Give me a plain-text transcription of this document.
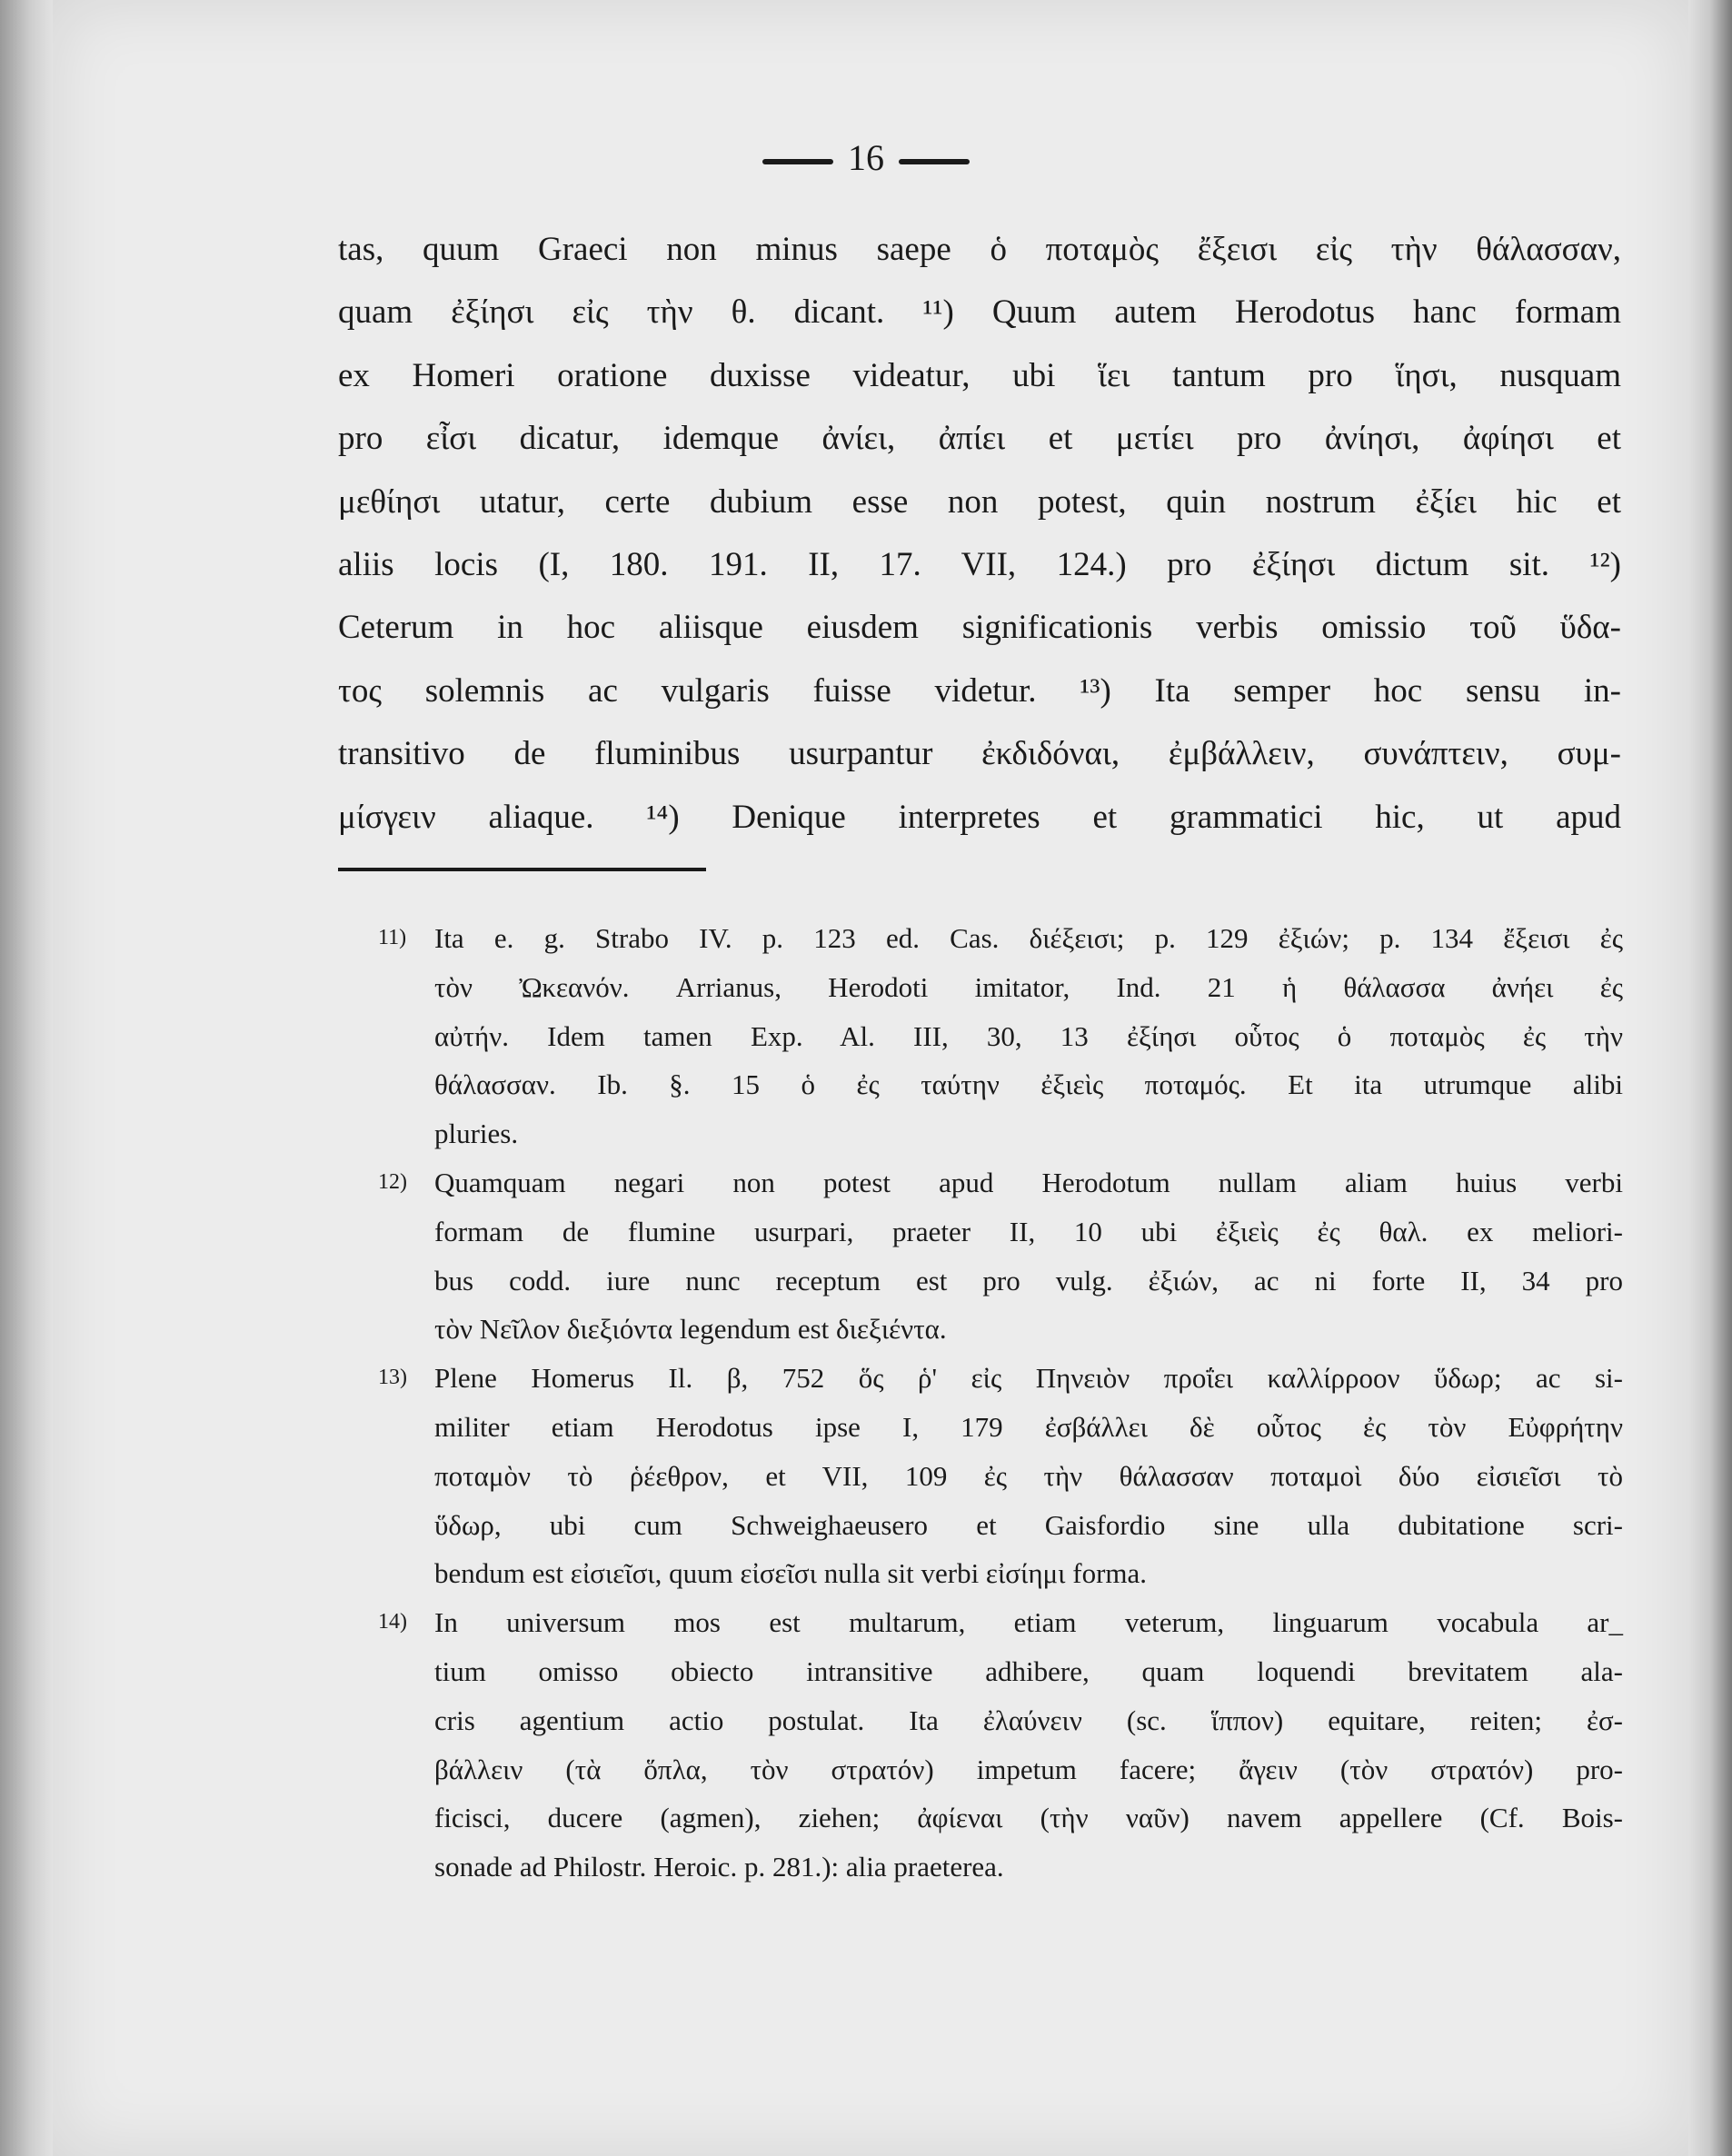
16
tas, quum Graeci non minus saepe ὁ ποταμὸς ἔξεισι εἰς τὴν θάλασσαν,
quam ἐξίησι εἰς τὴν θ. dicant. ¹¹) Quum autem Herodotus hanc formam
ex Homeri oratione duxisse videatur, ubi ἵει tantum pro ἵησι, nusquam
pro εἶσι dicatur, idemque ἀνίει, ἀπίει et μετίει pro ἀνίησι, ἀφίησι et
μεθίησι utatur, certe dubium esse non potest, quin nostrum ἐξίει hic et
aliis locis (I, 180. 191. II, 17. VII, 124.) pro ἐξίησι dictum sit. ¹²)
Ceterum in hoc aliisque eiusdem significationis verbis omissio τοῦ ὕδα-
τος solemnis ac vulgaris fuisse videtur. ¹³) Ita semper hoc sensu in-
transitivo de fluminibus usurpantur ἐκδιδόναι, ἐμβάλλειν, συνάπτειν, συμ-
μίσγειν aliaque. ¹⁴) Denique interpretes et grammatici hic, ut apud
11) Ita e. g. Strabo IV. p. 123 ed. Cas. διέξεισι; p. 129 ἐξιών; p. 134 ἔξεισι ἐς
τὸν Ὠκεανόν. Arrianus, Herodoti imitator, Ind. 21 ἡ θάλασσα ἀνήει ἐς
αὐτήν. Idem tamen Exp. Al. III, 30, 13 ἐξίησι οὗτος ὁ ποταμὸς ἐς τὴν
θάλασσαν. Ib. §. 15 ὁ ἐς ταύτην ἐξιεὶς ποταμός. Et ita utrumque alibi
pluries.
12) Quamquam negari non potest apud Herodotum nullam aliam huius verbi
formam de flumine usurpari, praeter II, 10 ubi ἐξιεὶς ἐς θαλ. ex meliori-
bus codd. iure nunc receptum est pro vulg. ἐξιών, ac ni forte II, 34 pro
τὸν Νεῖλον διεξιόντα legendum est διεξιέντα.
13) Plene Homerus Il. β, 752 ὅς ῥ' εἰς Πηνειὸν προΐει καλλίρροον ὕδωρ; ac si-
militer etiam Herodotus ipse I, 179 ἐσβάλλει δὲ οὗτος ἐς τὸν Εὐφρήτην
ποταμὸν τὸ ῥέεθρον, et VII, 109 ἐς τὴν θάλασσαν ποταμοὶ δύο εἰσιεῖσι τὸ
ὕδωρ, ubi cum Schweighaeusero et Gaisfordio sine ulla dubitatione scri-
bendum est εἰσιεῖσι, quum εἰσεῖσι nulla sit verbi εἰσίημι forma.
14) In universum mos est multarum, etiam veterum, linguarum vocabula ar_
tium omisso obiecto intransitive adhibere, quam loquendi brevitatem ala-
cris agentium actio postulat. Ita ἐλαύνειν (sc. ἵππον) equitare, reiten; ἐσ-
βάλλειν (τὰ ὅπλα, τὸν στρατόν) impetum facere; ἄγειν (τὸν στρατόν) pro-
ficisci, ducere (agmen), ziehen; ἀφίεναι (τὴν ναῦν) navem appellere (Cf. Bois-
sonade ad Philostr. Heroic. p. 281.): alia praeterea.
